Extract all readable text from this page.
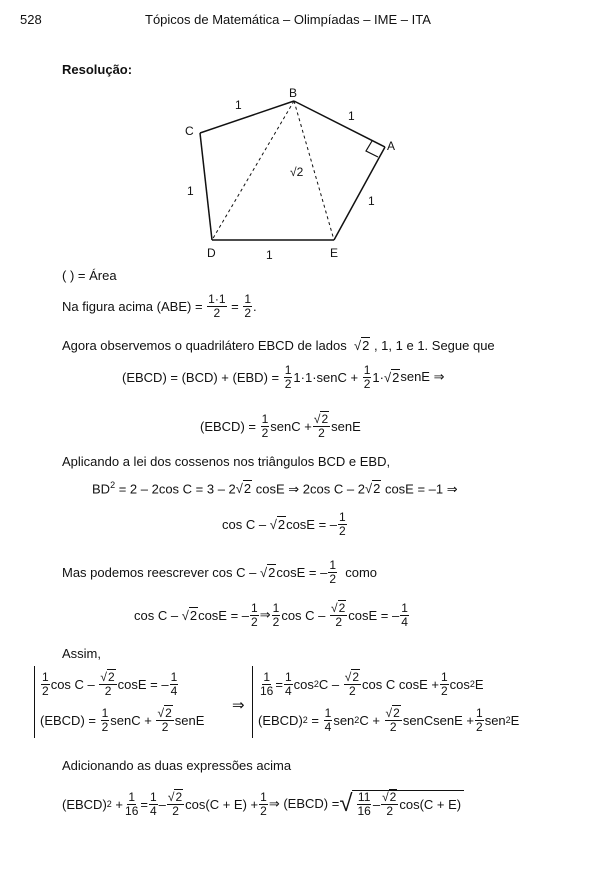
528	Tópicos de Matemática – Olimpíadas – IME – ITA
Resolução:
B
C
A
D	E
1
1
1
1
1
√2
( ) = Área
Na figura acima
(ABE) =
$\frac{1\cdot 1}{2}$
=
$\frac{1}{2}$ .
Agora observemos o quadrilátero EBCD de lados √2 , 1, 1 e 1. Segue que
(EBCD) = (BCD) + (EBD) =
$\frac{1}{2}$ 1·1·senC +
$\frac{1}{2} 1\cdot √2$ senE ⇒
(EBCD) =
$\frac{1}{2}$ senC + $\frac{√2}{2}$ senE
Aplicando a lei dos cossenos nos triângulos BCD e EBD,
$BD^2 = 2 - 2\cos$ C = 3 – 2√2 cosE ⇒ 2cos C – 2√2 cosE = –1 ⇒
cos C –
√2 cosE = – $\frac{1}{2}$
Mas podemos reescrever cos C –
√2 cosE = – $\frac{1}{2}$
como
cos C –
√2 cosE = – $\frac{1}{2}$ ⇒ $\frac{1}{2}$ cos C –
$\frac{√2}{2}$ cosE = – $\frac{1}{4}$
Assim,
$\frac{1}{2}$ cos C –
$\frac{√2}{2}$ cosE = – $\frac{1}{4}$
(EBCD) =
$\frac{1}{2}$ senC +
$\frac{√2}{2}$ senE
⇒
$\frac{1}{16} = \frac{1}{4}$ cos 2 C –
$\frac{√2}{2}$ cos C $\cos E + \frac{1}{2}$ cos 2 E
(EBCD) 2
=
$\frac{1}{4}$ sen 2 C +
$\frac{√2}{2}$ senCsenE + $\frac{1}{2}$ sen 2 E
Adicionando as duas expressões acima
(EBCD) 2
+ $\frac{1}{16} = \frac{1}{4} - \frac{√2}{2} \cos(C + E) + \frac{1}{2}$ ⇒ (EBCD) = √ $\frac{11}{16} - \frac{√2}{2} \cos(C + E)$
